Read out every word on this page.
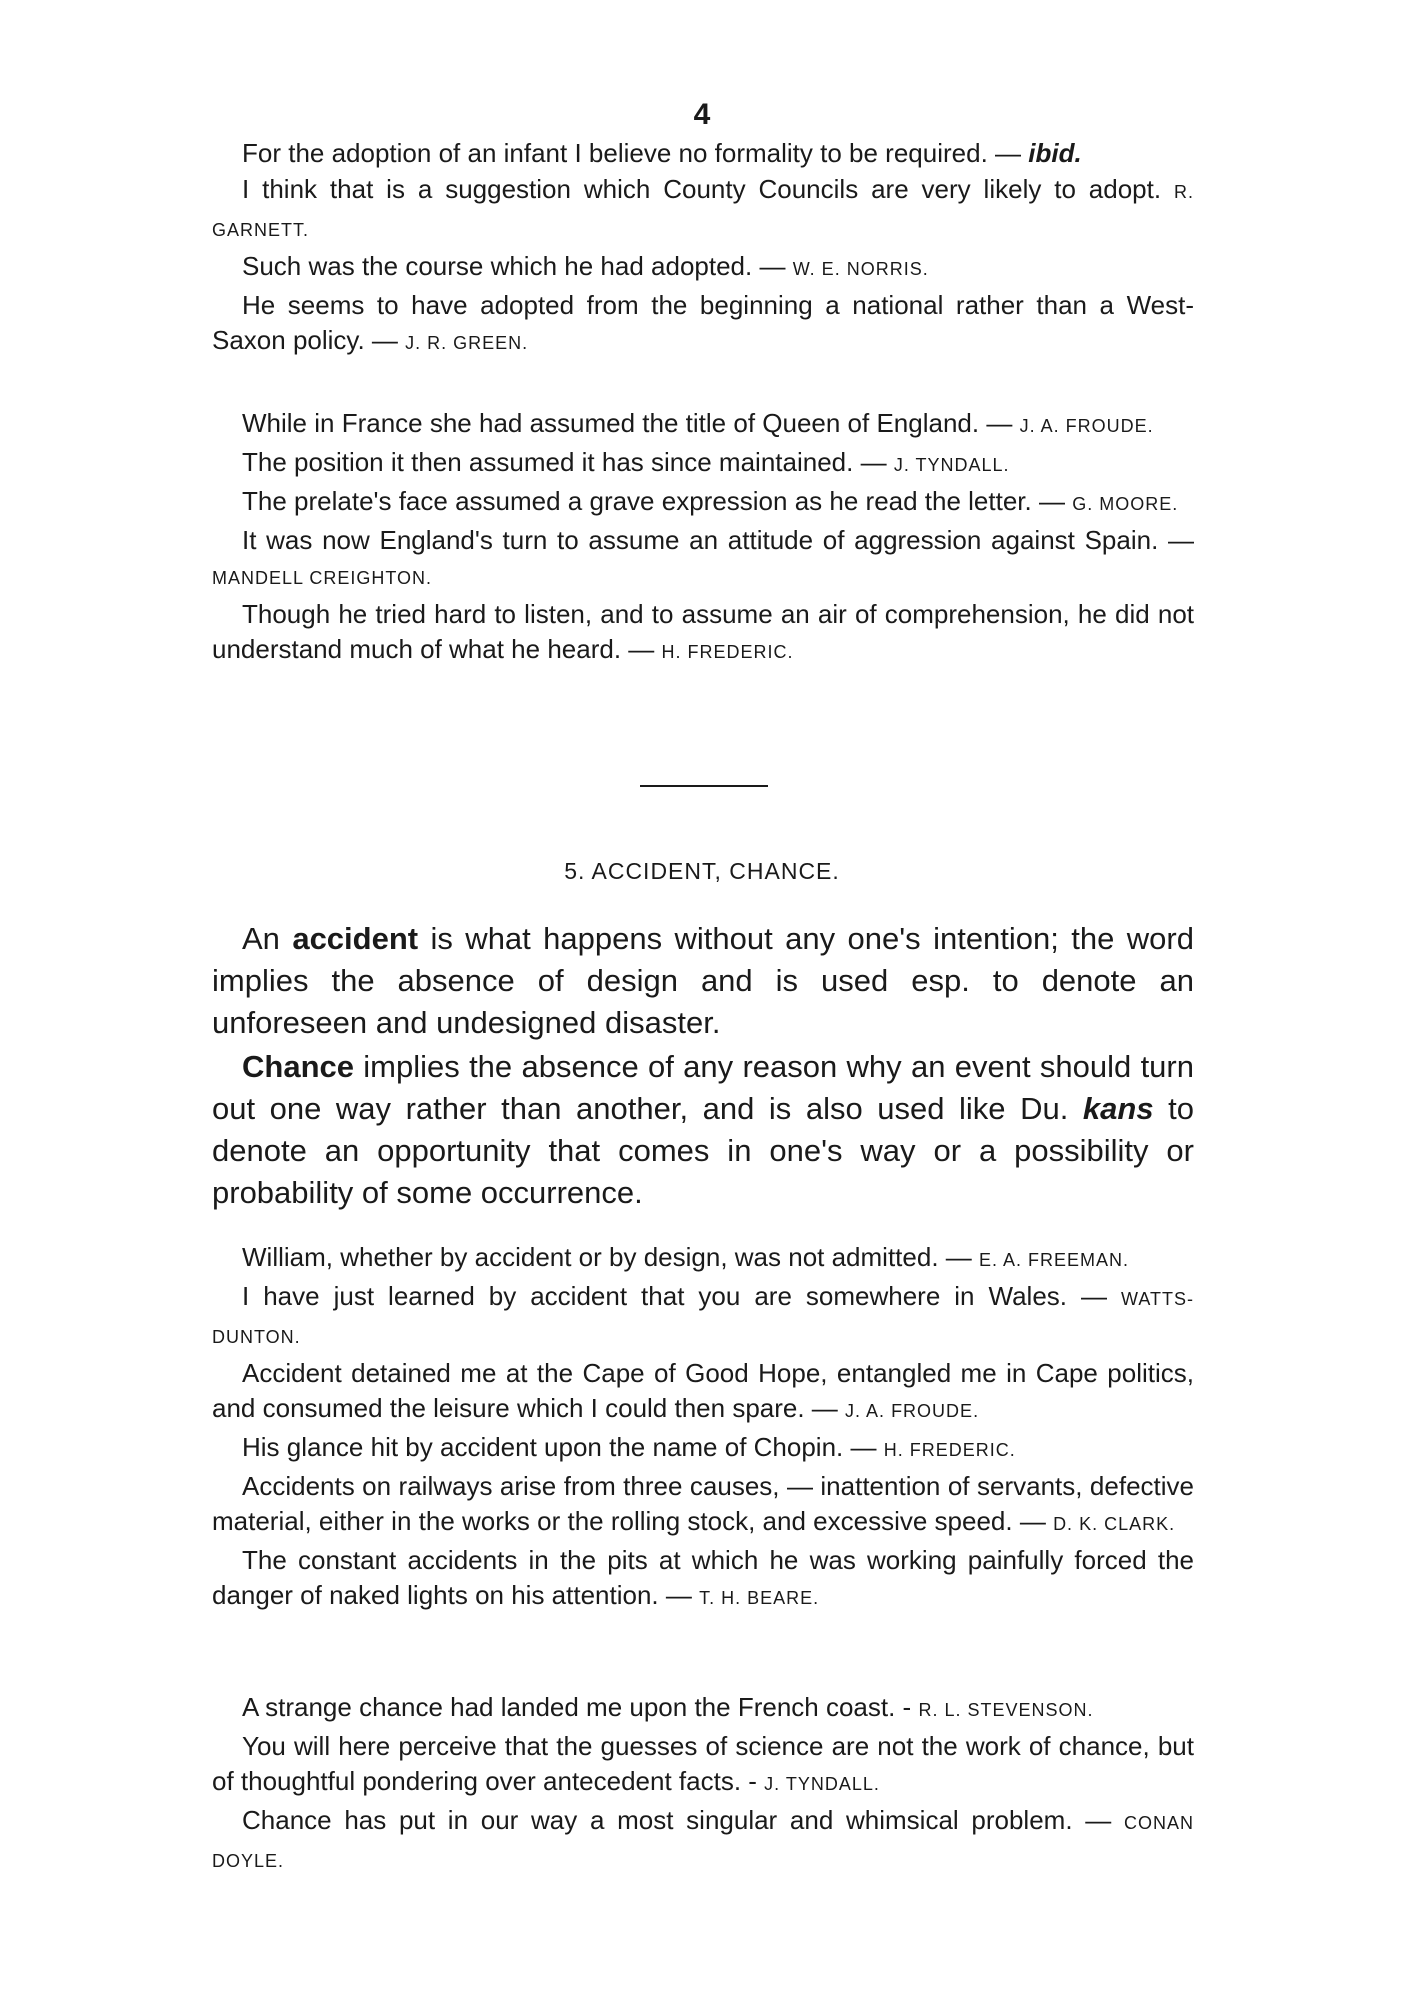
4

For the adoption of an infant I believe no formality to be required. — ibid.

I think that is a suggestion which County Councils are very likely to adopt. R. GARNETT.

Such was the course which he had adopted. — W. E. NORRIS.

He seems to have adopted from the beginning a national rather than a West-Saxon policy. — J. R. GREEN.

While in France she had assumed the title of Queen of England. — J. A. FROUDE.

The position it then assumed it has since maintained. — J. TYNDALL.

The prelate's face assumed a grave expression as he read the letter. — G. MOORE.

It was now England's turn to assume an attitude of aggression against Spain. — MANDELL CREIGHTON.

Though he tried hard to listen, and to assume an air of comprehension, he did not understand much of what he heard. — H. FREDERIC.

5. ACCIDENT, CHANCE.

An accident is what happens without any one's intention; the word implies the absence of design and is used esp. to denote an unforeseen and undesigned disaster.

Chance implies the absence of any reason why an event should turn out one way rather than another, and is also used like Du. kans to denote an opportunity that comes in one's way or a possibility or probability of some occurrence.

William, whether by accident or by design, was not admitted. — E. A. FREEMAN.

I have just learned by accident that you are somewhere in Wales. — WATTS-DUNTON.

Accident detained me at the Cape of Good Hope, entangled me in Cape politics, and consumed the leisure which I could then spare. — J. A. FROUDE.

His glance hit by accident upon the name of Chopin. — H. FREDERIC.

Accidents on railways arise from three causes, — inattention of servants, defective material, either in the works or the rolling stock, and excessive speed. — D. K. CLARK.

The constant accidents in the pits at which he was working painfully forced the danger of naked lights on his attention. — T. H. BEARE.

A strange chance had landed me upon the French coast. - R. L. STEVENSON.

You will here perceive that the guesses of science are not the work of chance, but of thoughtful pondering over antecedent facts. - J. TYNDALL.

Chance has put in our way a most singular and whimsical problem. — CONAN DOYLE.
